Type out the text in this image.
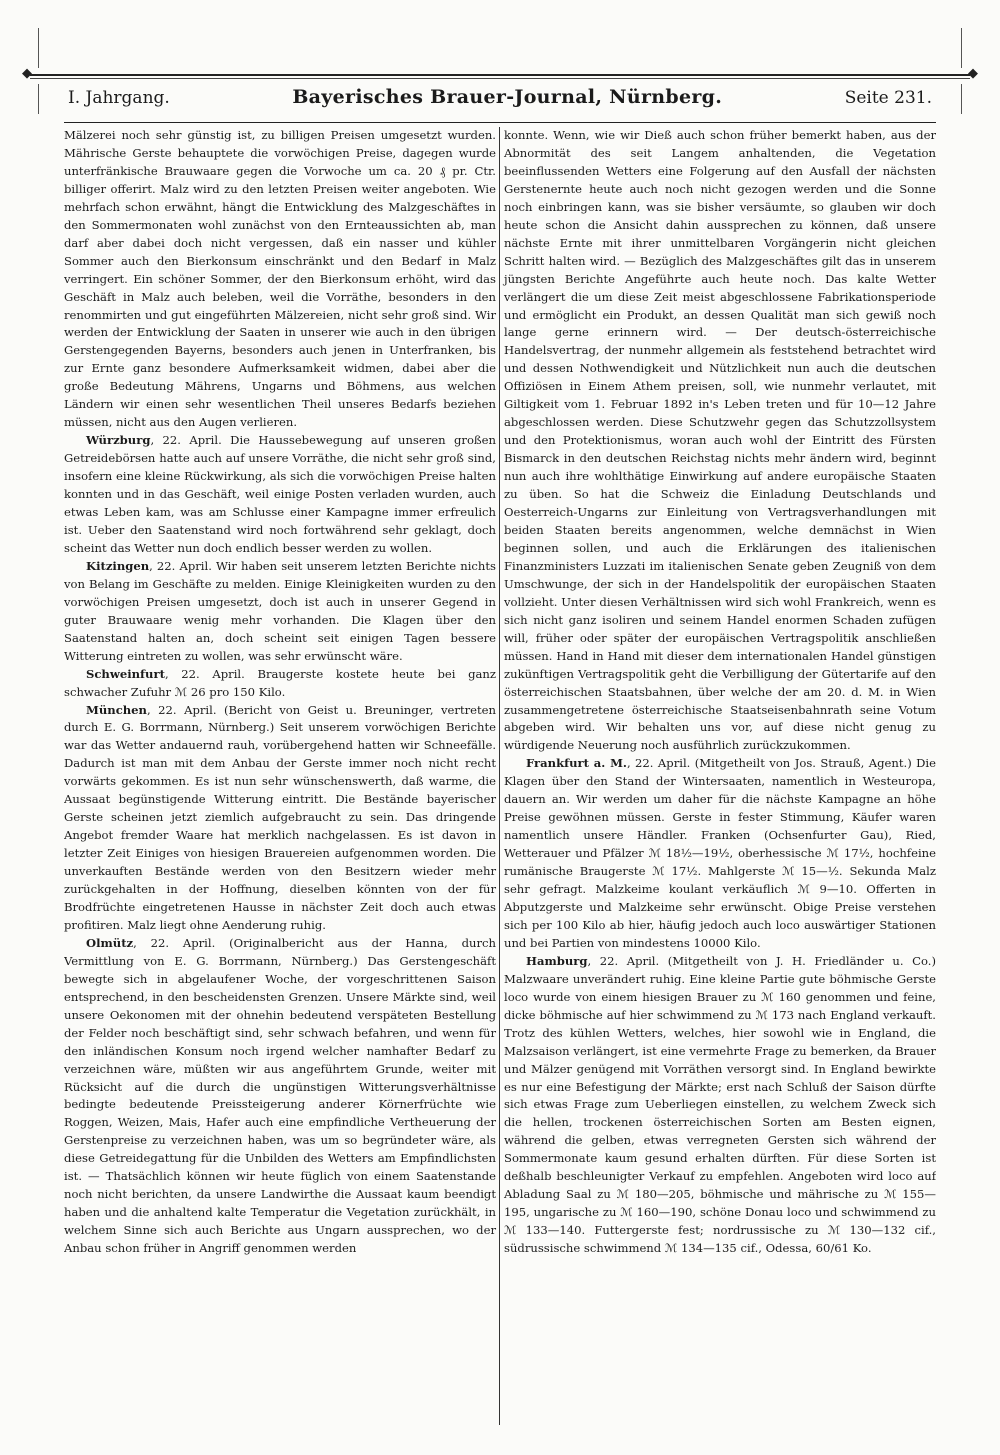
◆	◆
I. Jahrgang.	Bayerisches Brauer-Journal, Nürnberg.	Seite 231.

Mälzerei noch sehr günstig ist, zu billigen Preisen umgesetzt wurden. Mährische Gerste behauptete die vorwöchigen Preise, dagegen wurde unterfränkische Brauwaare gegen die Vorwoche um ca. 20 ₰ pr. Ctr. billiger offerirt. Malz wird zu den letzten Preisen weiter angeboten. Wie mehrfach schon erwähnt, hängt die Entwicklung des Malzgeschäftes in den Sommermonaten wohl zunächst von den Ernteaussichten ab, man darf aber dabei doch nicht vergessen, daß ein nasser und kühler Sommer auch den Bierkonsum einschränkt und den Bedarf in Malz verringert. Ein schöner Sommer, der den Bierkonsum erhöht, wird das Geschäft in Malz auch beleben, weil die Vorräthe, besonders in den renommirten und gut eingeführten Mälzereien, nicht sehr groß sind. Wir werden der Entwicklung der Saaten in unserer wie auch in den übrigen Gerstengegenden Bayerns, besonders auch jenen in Unterfranken, bis zur Ernte ganz besondere Aufmerksamkeit widmen, dabei aber die große Bedeutung Mährens, Ungarns und Böhmens, aus welchen Ländern wir einen sehr wesentlichen Theil unseres Bedarfs beziehen müssen, nicht aus den Augen verlieren.

Würzburg, 22. April. Die Haussebewegung auf unseren großen Getreidebörsen hatte auch auf unsere Vorräthe, die nicht sehr groß sind, insofern eine kleine Rückwirkung, als sich die vorwöchigen Preise halten konnten und in das Geschäft, weil einige Posten verladen wurden, auch etwas Leben kam, was am Schlusse einer Kampagne immer erfreulich ist. Ueber den Saatenstand wird noch fortwährend sehr geklagt, doch scheint das Wetter nun doch endlich besser werden zu wollen.

Kitzingen, 22. April. Wir haben seit unserem letzten Berichte nichts von Belang im Geschäfte zu melden. Einige Kleinigkeiten wurden zu den vorwöchigen Preisen umgesetzt, doch ist auch in unserer Gegend in guter Brauwaare wenig mehr vorhanden. Die Klagen über den Saatenstand halten an, doch scheint seit einigen Tagen bessere Witterung eintreten zu wollen, was sehr erwünscht wäre.

Schweinfurt, 22. April. Braugerste kostete heute bei ganz schwacher Zufuhr ℳ 26 pro 150 Kilo.

München, 22. April. (Bericht von Geist u. Breuninger, vertreten durch E. G. Borrmann, Nürnberg.) Seit unserem vorwöchigen Berichte war das Wetter andauernd rauh, vorübergehend hatten wir Schneefälle. Dadurch ist man mit dem Anbau der Gerste immer noch nicht recht vorwärts gekommen. Es ist nun sehr wünschenswerth, daß warme, die Aussaat begünstigende Witterung eintritt. Die Bestände bayerischer Gerste scheinen jetzt ziemlich aufgebraucht zu sein. Das dringende Angebot fremder Waare hat merklich nachgelassen. Es ist davon in letzter Zeit Einiges von hiesigen Brauereien aufgenommen worden. Die unverkauften Bestände werden von den Besitzern wieder mehr zurückgehalten in der Hoffnung, dieselben könnten von der für Brodfrüchte eingetretenen Hausse in nächster Zeit doch auch etwas profitiren. Malz liegt ohne Aenderung ruhig.

Olmütz, 22. April. (Originalbericht aus der Hanna, durch Vermittlung von E. G. Borrmann, Nürnberg.) Das Gerstengeschäft bewegte sich in abgelaufener Woche, der vorgeschrittenen Saison entsprechend, in den bescheidensten Grenzen. Unsere Märkte sind, weil unsere Oekonomen mit der ohnehin bedeutend verspäteten Bestellung der Felder noch beschäftigt sind, sehr schwach befahren, und wenn für den inländischen Konsum noch irgend welcher namhafter Bedarf zu verzeichnen wäre, müßten wir aus angeführtem Grunde, weiter mit Rücksicht auf die durch die ungünstigen Witterungsverhältnisse bedingte bedeutende Preissteigerung anderer Körnerfrüchte wie Roggen, Weizen, Mais, Hafer auch eine empfindliche Vertheuerung der Gerstenpreise zu verzeichnen haben, was um so begründeter wäre, als diese Getreidegattung für die Unbilden des Wetters am Empfindlichsten ist. — Thatsächlich können wir heute füglich von einem Saatenstande noch nicht berichten, da unsere Landwirthe die Aussaat kaum beendigt haben und die anhaltend kalte Temperatur die Vegetation zurückhält, in welchem Sinne sich auch Berichte aus Ungarn aussprechen, wo der Anbau schon früher in Angriff genommen werden

konnte. Wenn, wie wir Dieß auch schon früher bemerkt haben, aus der Abnormität des seit Langem anhaltenden, die Vegetation beeinflussenden Wetters eine Folgerung auf den Ausfall der nächsten Gerstenernte heute auch noch nicht gezogen werden und die Sonne noch einbringen kann, was sie bisher versäumte, so glauben wir doch heute schon die Ansicht dahin aussprechen zu können, daß unsere nächste Ernte mit ihrer unmittelbaren Vorgängerin nicht gleichen Schritt halten wird. — Bezüglich des Malzgeschäftes gilt das in unserem jüngsten Berichte Angeführte auch heute noch. Das kalte Wetter verlängert die um diese Zeit meist abgeschlossene Fabrikationsperiode und ermöglicht ein Produkt, an dessen Qualität man sich gewiß noch lange gerne erinnern wird. — Der deutsch-österreichische Handelsvertrag, der nunmehr allgemein als feststehend betrachtet wird und dessen Nothwendigkeit und Nützlichkeit nun auch die deutschen Offiziösen in Einem Athem preisen, soll, wie nunmehr verlautet, mit Giltigkeit vom 1. Februar 1892 in's Leben treten und für 10—12 Jahre abgeschlossen werden. Diese Schutzwehr gegen das Schutzzollsystem und den Protektionismus, woran auch wohl der Eintritt des Fürsten Bismarck in den deutschen Reichstag nichts mehr ändern wird, beginnt nun auch ihre wohlthätige Einwirkung auf andere europäische Staaten zu üben. So hat die Schweiz die Einladung Deutschlands und Oesterreich-Ungarns zur Einleitung von Vertragsverhandlungen mit beiden Staaten bereits angenommen, welche demnächst in Wien beginnen sollen, und auch die Erklärungen des italienischen Finanzministers Luzzati im italienischen Senate geben Zeugniß von dem Umschwunge, der sich in der Handelspolitik der europäischen Staaten vollzieht. Unter diesen Verhältnissen wird sich wohl Frankreich, wenn es sich nicht ganz isoliren und seinem Handel enormen Schaden zufügen will, früher oder später der europäischen Vertragspolitik anschließen müssen. Hand in Hand mit dieser dem internationalen Handel günstigen zukünftigen Vertragspolitik geht die Verbilligung der Gütertarife auf den österreichischen Staatsbahnen, über welche der am 20. d. M. in Wien zusammengetretene österreichische Staatseisenbahnrath seine Votum abgeben wird. Wir behalten uns vor, auf diese nicht genug zu würdigende Neuerung noch ausführlich zurückzukommen.

Frankfurt a. M., 22. April. (Mitgetheilt von Jos. Strauß, Agent.) Die Klagen über den Stand der Wintersaaten, namentlich in Westeuropa, dauern an. Wir werden um daher für die nächste Kampagne an höhe Preise gewöhnen müssen. Gerste in fester Stimmung, Käufer waren namentlich unsere Händler. Franken (Ochsenfurter Gau), Ried, Wetterauer und Pfälzer ℳ 18½—19½, oberhessische ℳ 17½, hochfeine rumänische Braugerste ℳ 17½. Mahlgerste ℳ 15—½. Sekunda Malz sehr gefragt. Malzkeime koulant verkäuflich ℳ 9—10. Offerten in Abputzgerste und Malzkeime sehr erwünscht. Obige Preise verstehen sich per 100 Kilo ab hier, häufig jedoch auch loco auswärtiger Stationen und bei Partien von mindestens 10000 Kilo.

Hamburg, 22. April. (Mitgetheilt von J. H. Friedländer u. Co.) Malzwaare unverändert ruhig. Eine kleine Partie gute böhmische Gerste loco wurde von einem hiesigen Brauer zu ℳ 160 genommen und feine, dicke böhmische auf hier schwimmend zu ℳ 173 nach England verkauft. Trotz des kühlen Wetters, welches, hier sowohl wie in England, die Malzsaison verlängert, ist eine vermehrte Frage zu bemerken, da Brauer und Mälzer genügend mit Vorräthen versorgt sind. In England bewirkte es nur eine Befestigung der Märkte; erst nach Schluß der Saison dürfte sich etwas Frage zum Ueberliegen einstellen, zu welchem Zweck sich die hellen, trockenen österreichischen Sorten am Besten eignen, während die gelben, etwas verregneten Gersten sich während der Sommermonate kaum gesund erhalten dürften. Für diese Sorten ist deßhalb beschleunigter Verkauf zu empfehlen. Angeboten wird loco auf Abladung Saal zu ℳ 180—205, böhmische und mährische zu ℳ 155—195, ungarische zu ℳ 160—190, schöne Donau loco und schwimmend zu ℳ 133—140. Futtergerste fest; nordrussische zu ℳ 130—132 cif., südrussische schwimmend ℳ 134—135 cif., Odessa, 60/61 Ko.
